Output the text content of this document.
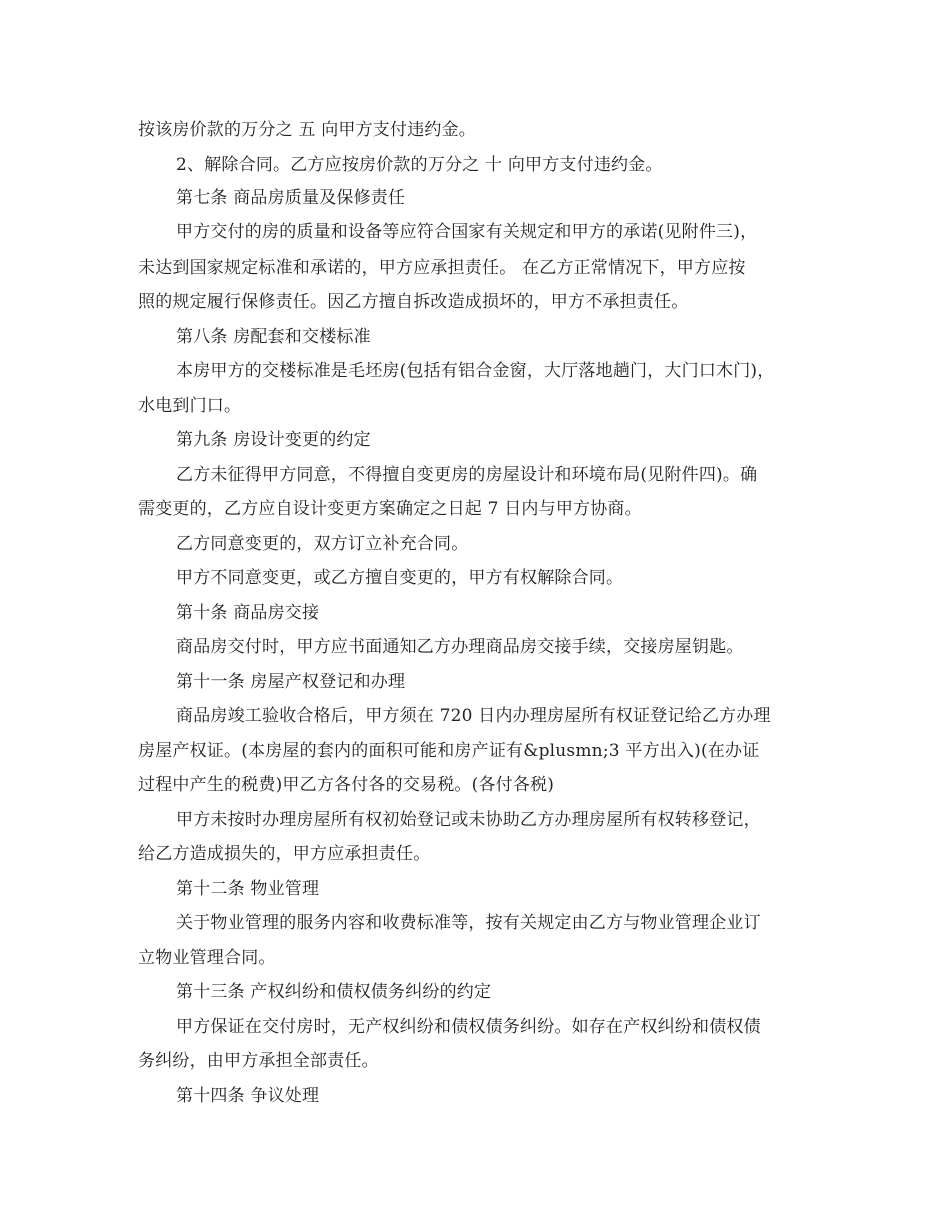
按该房价款的万分之 五 向甲方支付违约金。
2、解除合同。乙方应按房价款的万分之 十 向甲方支付违约金。
第七条 商品房质量及保修责任
甲方交付的房的质量和设备等应符合国家有关规定和甲方的承诺(见附件三)，
未达到国家规定标准和承诺的，甲方应承担责任。 在乙方正常情况下，甲方应按
照的规定履行保修责任。因乙方擅自拆改造成损坏的，甲方不承担责任。
第八条 房配套和交楼标准
本房甲方的交楼标准是毛坯房(包括有铝合金窗，大厅落地趟门，大门口木门)，
水电到门口。
第九条 房设计变更的约定
乙方未征得甲方同意，不得擅自变更房的房屋设计和环境布局(见附件四)。确
需变更的，乙方应自设计变更方案确定之日起 7 日内与甲方协商。
乙方同意变更的，双方订立补充合同。
甲方不同意变更，或乙方擅自变更的，甲方有权解除合同。
第十条 商品房交接
商品房交付时，甲方应书面通知乙方办理商品房交接手续，交接房屋钥匙。
第十一条 房屋产权登记和办理
商品房竣工验收合格后，甲方须在 720 日内办理房屋所有权证登记给乙方办理
房屋产权证。(本房屋的套内的面积可能和房产证有&plusmn;3 平方出入)(在办证
过程中产生的税费)甲乙方各付各的交易税。(各付各税)
甲方未按时办理房屋所有权初始登记或未协助乙方办理房屋所有权转移登记，
给乙方造成损失的，甲方应承担责任。
第十二条 物业管理
关于物业管理的服务内容和收费标准等，按有关规定由乙方与物业管理企业订
立物业管理合同。
第十三条 产权纠纷和债权债务纠纷的约定
甲方保证在交付房时，无产权纠纷和债权债务纠纷。如存在产权纠纷和债权债
务纠纷，由甲方承担全部责任。
第十四条 争议处理
